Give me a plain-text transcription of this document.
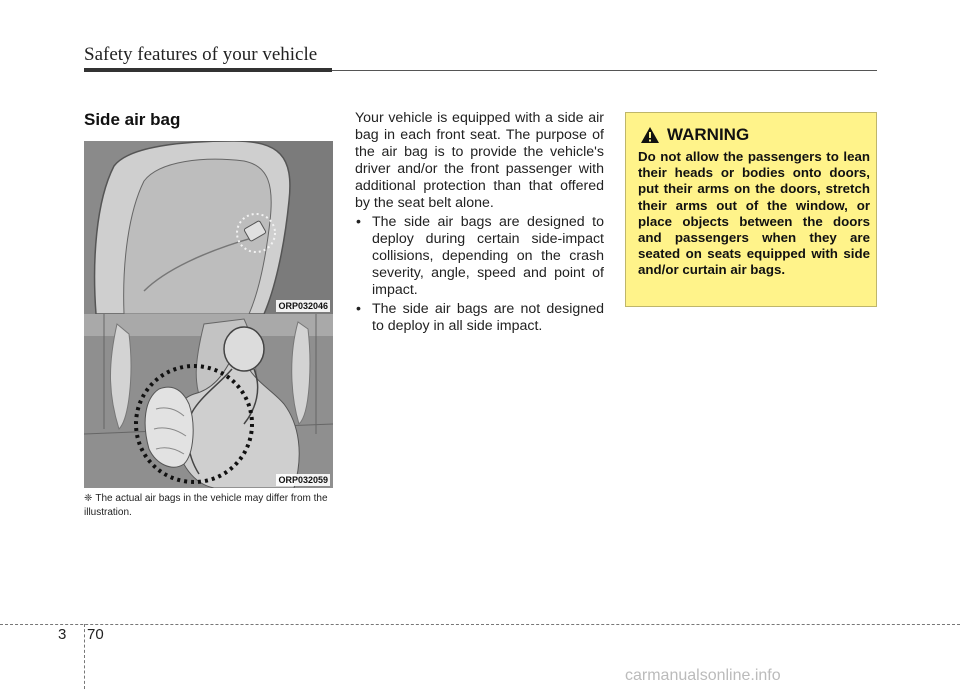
Safety features of your vehicle
Side air bag
ORP032046
ORP032059
❈ The actual air bags in the vehicle may differ from the illustration.

Your vehicle is equipped with a side air bag in each front seat. The purpose of the air bag is to provide the vehicle's driver and/or the front passenger with additional protection than that offered by the seat belt alone.

• The side air bags are designed to deploy during certain side-impact collisions, depending on the crash severity, angle, speed and point of impact.
• The side air bags are not designed to deploy in all side impact.
WARNING
Do not allow the passengers to lean their heads or bodies onto doors, put their arms on the doors, stretch their arms out of the window, or place objects between the doors and passengers when they are seated on seats equipped with side and/or curtain air bags.
3 70
carmanualsonline.info
